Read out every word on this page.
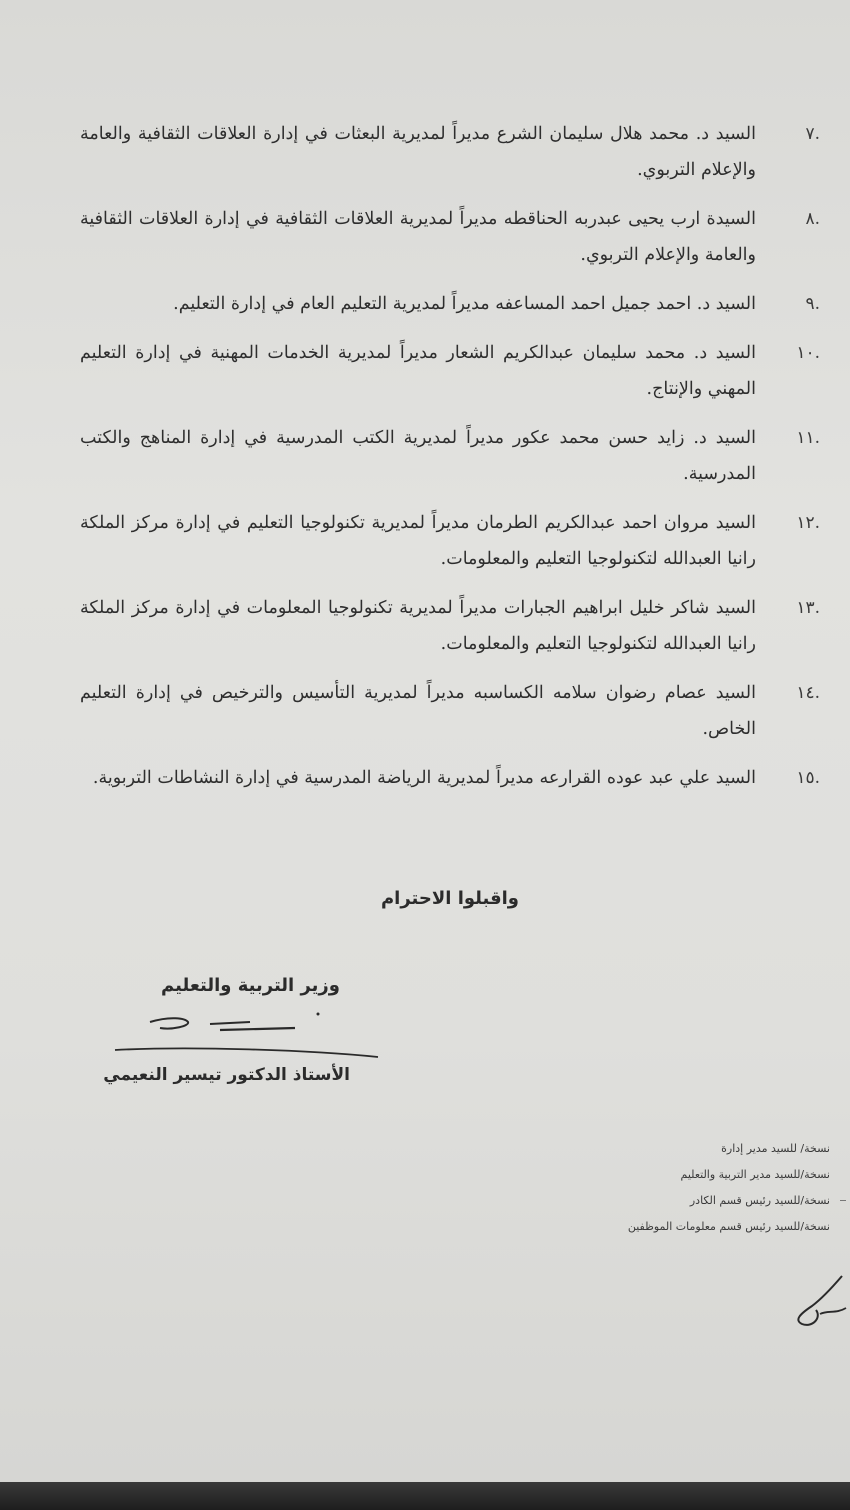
.٧
السيد د. محمد هلال سليمان الشرع مديراً لمديرية البعثات في إدارة العلاقات الثقافية والعامة والإعلام التربوي.
.٨
السيدة ارب يحيى عبدربه الحناقطه مديراً لمديرية العلاقات الثقافية في إدارة العلاقات الثقافية والعامة والإعلام التربوي.
.٩
السيد د. احمد جميل احمد المساعفه مديراً لمديرية التعليم العام في إدارة التعليم.
.١٠
السيد د. محمد سليمان عبدالكريم الشعار مديراً لمديرية الخدمات المهنية في إدارة التعليم المهني والإنتاج.
.١١
السيد د. زايد حسن محمد عكور مديراً لمديرية الكتب المدرسية في إدارة المناهج والكتب المدرسية.
.١٢
السيد مروان احمد عبدالكريم الطرمان مديراً لمديرية تكنولوجيا التعليم في إدارة مركز الملكة رانيا العبدالله لتكنولوجيا التعليم والمعلومات.
.١٣
السيد شاكر خليل ابراهيم الجبارات مديراً لمديرية تكنولوجيا المعلومات في إدارة مركز الملكة رانيا العبدالله لتكنولوجيا التعليم والمعلومات.
.١٤
السيد عصام رضوان سلامه الكساسبه مديراً لمديرية التأسيس والترخيص في إدارة التعليم الخاص.
.١٥
السيد علي عبد عوده القرارعه مديراً لمديرية الرياضة المدرسية في إدارة النشاطات التربوية.
واقبلوا الاحترام
وزير التربية والتعليم
الأستاذ الدكتور تيسير النعيمي
نسخة/ للسيد مدير إدارة
نسخة/للسيد مدير التربية والتعليم
نسخة/للسيد رئيس قسم الكادر
نسخة/للسيد رئيس قسم معلومات الموظفين
